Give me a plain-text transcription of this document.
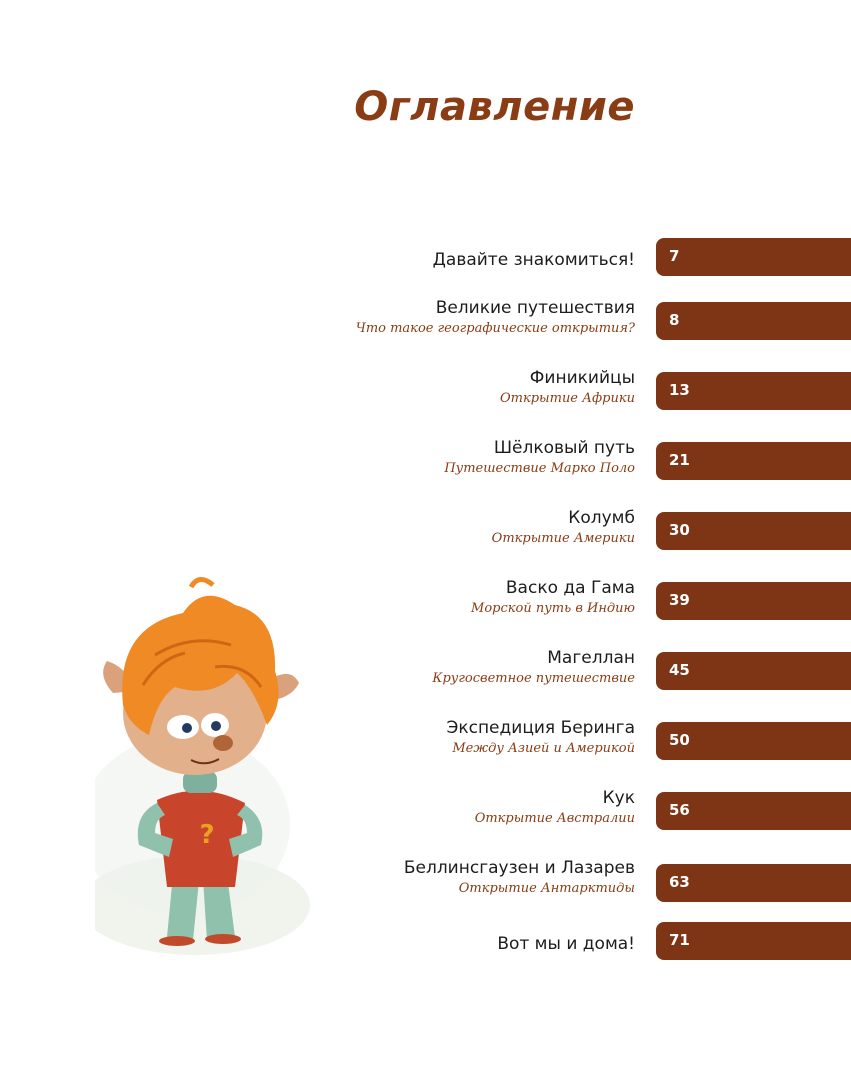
Оглавление
Давайте знакомиться! 7
Великие путешествия
Что такое географические открытия? 8
Финикийцы
Открытие Африки 13
Шёлковый путь
Путешествие Марко Поло 21
Колумб
Открытие Америки 30
Васко да Гама
Морской путь в Индию 39
Магеллан
Кругосветное путешествие 45
Экспедиция Беринга
Между Азией и Америкой 50
Кук
Открытие Австралии 56
Беллинсгаузен и Лазарев
Открытие Антарктиды 63
Вот мы и дома! 71
?
